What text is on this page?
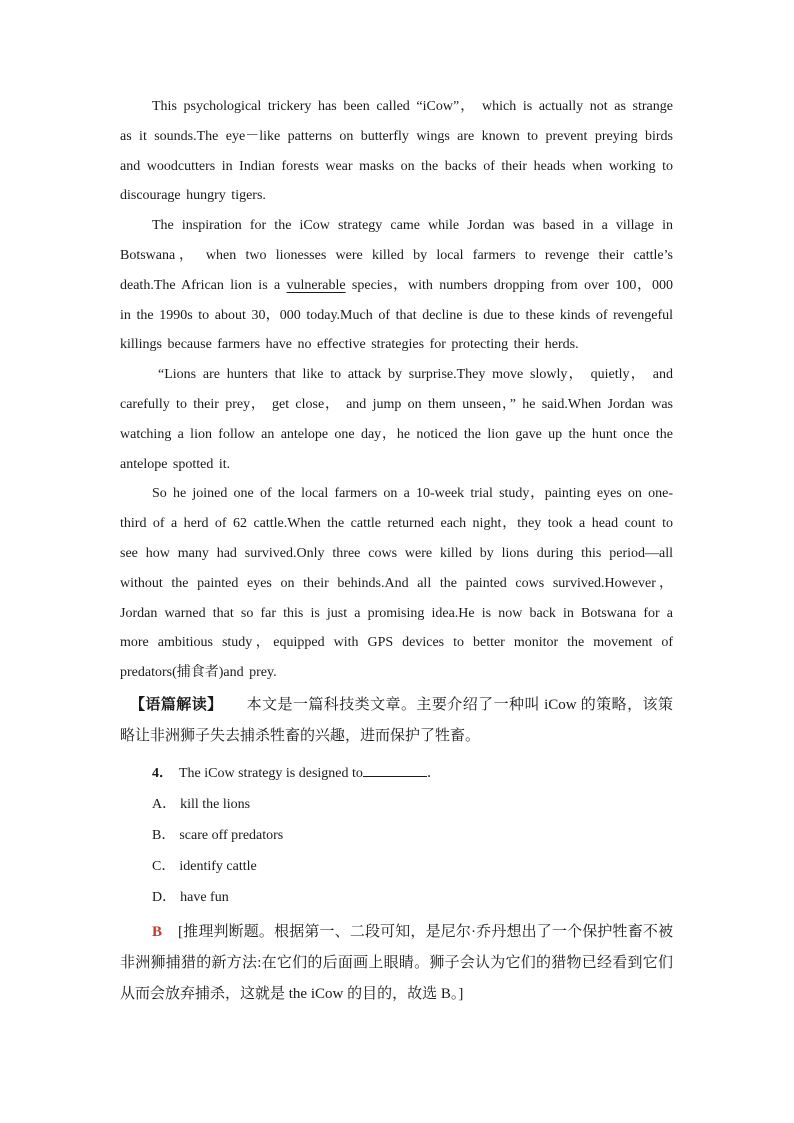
This psychological trickery has been called “iCow”， which is actually not as strange as it sounds.The eye－like patterns on butterfly wings are known to prevent preying birds and woodcutters in Indian forests wear masks on the backs of their heads when working to discourage hungry tigers.

The inspiration for the iCow strategy came while Jordan was based in a village in Botswana， when two lionesses were killed by local farmers to revenge their cattle’s death.The African lion is a vulnerable species，with numbers dropping from over 100，000 in the 1990s to about 30，000 today.Much of that decline is due to these kinds of revengeful killings because farmers have no effective strategies for protecting their herds.

“Lions are hunters that like to attack by surprise.They move slowly， quietly， and carefully to their prey， get close， and jump on them unseen，” he said.When Jordan was watching a lion follow an antelope one day，he noticed the lion gave up the hunt once the antelope spotted it.

So he joined one of the local farmers on a 10-week trial study，painting eyes on one-third of a herd of 62 cattle.When the cattle returned each night，they took a head count to see how many had survived.Only three cows were killed by lions during this period—all without the painted eyes on their behinds.And all the painted cows survived.However， Jordan warned that so far this is just a promising idea.He is now back in Botswana for a more ambitious study，equipped with GPS devices to better monitor the movement of predators(捕食者)and prey.

【语篇解读】 本文是一篇科技类文章。主要介绍了一种叫 iCow 的策略，该策略让非洲狮子失去捕杀牲畜的兴趣，进而保护了牲畜。
4． The iCow strategy is designed to	．
A． kill the lions
B． scare off predators
C． identify cattle
D． have fun
B [推理判断题。根据第一、二段可知，是尼尔·乔丹想出了一个保护牲畜不被非洲狮捕猎的新方法:在它们的后面画上眼睛。狮子会认为它们的猎物已经看到它们从而会放弃捕杀，这就是 the iCow 的目的，故选 B。]
